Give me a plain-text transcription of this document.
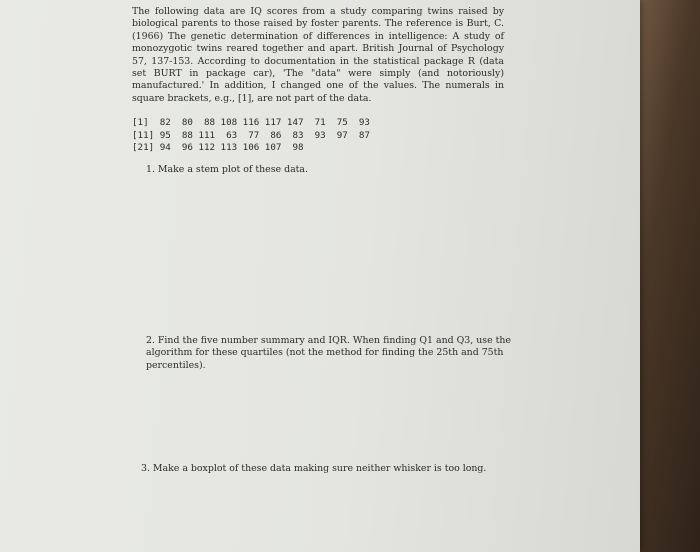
The following data are IQ scores from a study comparing twins raised by biological parents to those raised by foster parents. The reference is Burt, C. (1966) The genetic determination of differences in intelligence: A study of monozygotic twins reared together and apart. British Journal of Psychology 57, 137-153. According to documentation in the statistical package R (data set BURT in package car), 'The "data" were simply (and notoriously) manufactured.' In addition, I changed one of the values. The numerals in square brackets, e.g., [1], are not part of the data.

[1] 82  80  88 108 116 117 147  71  75  93
[11] 95  88 111  63  77  86  83  93  97  87
[21] 94  96 112 113 106 107  98

1. Make a stem plot of these data.

2. Find the five number summary and IQR. When finding Q1 and Q3, use the algorithm for these quartiles (not the method for finding the 25th and 75th percentiles).

3. Make a boxplot of these data making sure neither whisker is too long.
